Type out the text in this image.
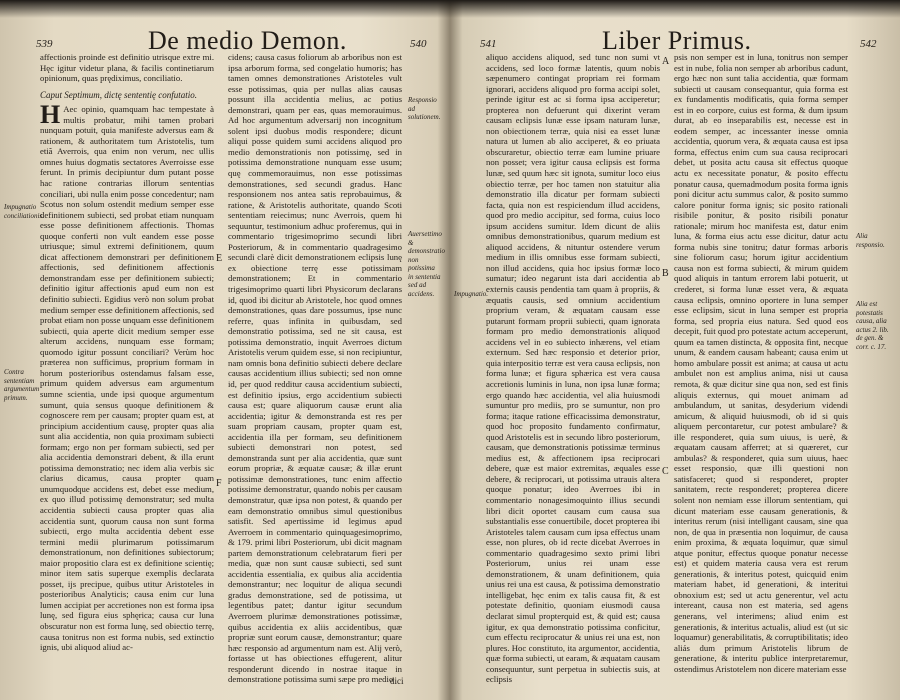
539	De medio Demon.	540

affectionis proinde est definitio utrisque extre mi. Hęc igitur videtur plana, & facilis continetiarum opinionum, quas prędiximus, conciliatio.

Caput Septimum, dictę sententię confutatio.

H Aec opinio, quamquam hac tempestate à multis probatur, mihi tamen probari nunquam potuit, quia manifeste adversus eam & rationem, & authoritatem tum Aristotelis, tum etiã Averrois, qua enim non verum, nec ullis omnes huius dogmatis sectatores Averroisse esse ferunt. In primis decipiuntur dum putant posse hac ratione contrarias illorum sententias conciliari, ubi nulla enim posse concedentur; nam Scotus non solum ostendit medium semper esse definitionem subiecti, sed probat etiam nunquam esse posse definitionem affectionis. Thomas quoque conferti non vult eandem esse posse utriusque; simul extremi definitionem, quum dicat affectionem demonstrari per definitionem affectionis, sed definitionem affectionis demonstrandam esse per definitionem subiecti; definitio igitur affectionis apud eum non est definitio subiecti. Egidius verò non solum probat medium semper esse definitionem affectionis, sed probat etiam non posse unquam esse definitionem subiecti, quia aperte dicit medium semper esse alterum accidens, nunquam esse formam; quomodo igitur possunt conciliari? Verùm hoc præterea non sufficimus, proprium formam in horum posterioribus ostendamus falsam esse, primum quidem adversus eam argumentum sumne scientia, unde ipsi quoque argumentum sumunt, quia sensus quoque definitionem & cognoscere rem per causam; propter quam est, at principium accidentium causę, propter quas alia sunt alia accidentia, non quia proximam subiecti formam; ergo non per formam subiecti, sed per alia accidentia demonstrari debent, & illa erunt potissima demonstratio; nec idem alia verbis sic clarius dicamus, causa propter quam unumquodque accidens est, debet esse medium, ex quo illud potissimę demonstratur; sed multa accidentia subiecti causa propter quas alia accidentia sunt, quorum causa non sunt forma subiecti, ergo multa accidentia debent esse termini medii plurimarum potissimarum demonstrationum, non definitiones subiectorum; maior propositio clara est ex definitione scientię; minor item satis superque exemplis declarata posset, ijs precipue, quibus utitur Aristoteles in posterioribus Analyticis; causa enim cur luna lumen accipiat per accretiones non est forma ipsa lunę, sed figura eius sphęrica; causa cur luna obscuratur non est forma lunę, sed obiectio terrę, causa tonitrus non est forma nubis, sed extinctio ignis, ubi aliquod aliud ac-

Impugnatio conciliationis.
Contra sententiam argumentum primum.

cidens; causa casus foliorum ab arboribus non est ipsa arborum forma, sed congelatio humoris; has tamen omnes demonstrationes Aristoteles vult esse potissimas, quia per nullas alias causas possunt illa accidentia melius, ac potius demonstrari, quam per eas, quas memorauimus. Ad hoc argumentum adversarij non incognitum solent ipsi duobus modis respondere; dicunt aliqui posse quidem sumi accidens aliquod pro medio demonstrationis non potissimę, sed in potissima demonstratione nunquam esse usum; quę commemorauimus, non esse potissimas demonstrationes, sed secundi gradus. Hanc responsionem nos antea satis reprobauimus, & ratione, & Aristotelis authoritate, quando Scoti sententiam reiecimus; nunc Averrois, quem hi sequuntur, testimonium adhuc proferemus, qui in commentario trigesimoprimo secundi libri Posteriorum, & in commentario quadragesimo secundi clarè dicit demonstrationem eclipsis lunę ex obiectione terrę esse potissimam demonstrationem; Et in commentario trigesimoprimo quarti libri Physicorum declarans id, quod ibi dicitur ab Aristotele, hoc quod omnes demonstrationes, quas dare possumus, ipse nunc referre, quas infinita in quibusdam, sed demonstratio potissima, sed ne sit causa, est potissima demonstratio, inquit Averroes dictum Aristotelis verum quidem esse, si non recipiuntur, nam omnis bona definitio subiecti debere declare causas accidentium illius subiecti; sed non omne id, per quod redditur causa accidentium subiecti, est definitio ipsius, ergo accidentium subiecti causa est; quare aliquorum causæ erunt alia accidentia; igitur & demonstranda est res per suam propriam causam, propter quam est, accidentia illa per formam, seu definitionem subiecti demonstrari non potest, sed demonstranda sunt per alia accidentia, quæ sunt eorum propriæ, & æquatæ causæ; & illæ erunt potissimæ demonstrationes, tunc enim affectio potissime demonstratur, quando nobis per causam demonstratur, quæ ipsa non potest, & quando per eam demonstratio omnibus simul questionibus satisfit. Sed apertissime id legimus apud Averroem in commentario quinquagesimoprimo, & 179. primi libri Posteriorum, ubi dicit magnam partem demonstrationum celebratarum fieri per media, quæ non sunt causæ subiecti, sed sunt accidentia essentialia, ex quibus alia accidentia demonstrantur; nec loquitur de aliqua secundi gradus demonstratione, sed de potissima, ut legentibus patet; dantur igitur secundum Averroem plurimæ demonstrationes potissimæ, quibus accidentia ex aliis accidentibus, quæ propriæ sunt eorum causæ, demonstrantur; quare hæc responsio ad argumentum nam est. Alij verò, fortasse ut has obiectiones effugerent, alitur responderunt dicendo in nostrae itaque in demonstratione potissima sumi sæpe pro medio

E
F
Responsio ad solutionem.
Auersettimo & demonstratio non potissima in sententia sed ad accidens.
dici
541	Liber Primus.	542
Impugnatio.

aliquo accidens aliquod, sed tunc non sumi vt accidens, sed loco formæ latentis, quum nobis sæpenumero contingat propriam rei formam ignorari, accidens aliquod pro forma accipi solet, perinde igitur est ac si forma ipsa acciperetur; propterea non defuerunt qui dixerint veram causam eclipsis lunæ esse ipsam naturam lunæ, non obiectionem terræ, quia nisi ea esset lunæ natura ut lumen ab alio acciperet, & eo priuata obscuraretur, obiectio terræ eam lumine priuare non posset; vera igitur causa eclipsis est forma lunæ, sed quum hæc sit ignota, sumitur loco eius obiectio terræ, per hoc tamen non statuitur alia demonstratio illa dicatur per formam subiecti facta, quia non est respiciendum illud accidens, quod pro medio accipitur, sed forma, cuius loco ipsum accidens sumitur. Idem dicunt de aliis omnibus demonstrationibus, quarum medium est aliquod accidens, & nituntur ostendere verum medium in illis omnibus esse formam subiecti, non illud accidens, quia hoc ipsius formæ loco sumatur; ideo negarunt ista dari accidentia ab externis causis pendentia tam quam à propriis, & æquatis causis, sed omnium accidentium proprium veram, & æquatam causam esse putarunt formam proprii subiecti, quam ignorata formam pro medio demonstrationis aliquod accidens vel in eo subiecto inhærens, vel etiam externum. Sed hæc responsio et deterior prior, quia interpositio terræ est vera causa eclipsis, non forma lunæ; et figura sphærica est vera causa accretionis luminis in luna, non ipsa lunæ forma; ergo quando hæc accidentia, vel alia huiusmodi sumuntur pro mediis, pro se sumuntur, non pro forma; itaque ratione efficacissima demonstratur, quod hoc proposito fundamento confirmatur, quod Aristotelis est in secundo libro posteriorum, causam, que demonstrationis potissimæ terminus medius est, & affectionem ipsa reciprocari debere, quæ est maior extremitas, æquales esse debere, & reciprocari, ut potissima utrauis altera quoque ponatur; ideo Averroes ibi in commentario nonagesimoquinto illius secundi libri dicit oportet causam cum causa sua substantialis esse conuertibile, docet propterea ibi Aristoteles talem causam cum ipsa effectus unam esse, non plures, ob id recte dicebat Averroes in commentario quadragesimo sexto primi libri Posteriorum, unius rei unam esse demonstrationem, & unam definitionem, quia unius rei una est causa, & potissima demonstratio intelligebat, hęc enim ex talis causa fit, & est potestate definitio, quoniam eiusmodi causa declarat simul propterquid est, & quid est; causa igitur, ex qua demonstratio potissima conficitur, cum effectu reciprocatur & unius rei una est, non plures. Hoc constituto, ita argumentor, accidentia, quæ forma subiecti, ut earam, & æquatam causam consequuntur, sunt perpetua in subiectis suis, at eclipsis

A
B
C

psis non semper est in luna, tonitrus non semper est in nube, folia non semper ab arboribus cadunt, ergo hæc non sunt talia accidentia, quæ formam subiecti ut causam consequantur, quia forma est ex fundamentis modificatis, quia forma semper est in eo corpore, cuius est forma, & dum ipsum durat, ab eo inseparabilis est, necesse est in eodem semper, ac incessanter inesse omnia accidentia, quorum vera, & æquata causa est ipsa forma, effectus enim cum sua causa reciprocari debet, ut posita actu causa sit effectus quoque actu ex necessitate ponatur, & posito effectu ponatur causa, quemadmodum posita forma ignis poni dicitur actu summus calor, & posito summo calore ponitur forma ignis; sic posito rationali risibile ponitur, & posito risibili ponatur rationale; mirum hoc manifesta est, datur enim luna, & forma eius actu esse dicitur, datur actu forma nubis sine tonitru; datur formas arboris sine foliorum casu; horum igitur accidentium causa non est forma subiecti, & mirum quidem quod aliquis in tantum errorem labi potuerit, ut crederet, si forma lunæ esset vera, & æquata causa eclipsis, omnino oportere in luna semper esse eclipsim, sicut in luna semper est propria forma, sed propria eius natura. Sed quod eos decepit, fuit quod pro potestate actum acceperunt, quum ea tamen distincta, & opposita fint, necque unum, & eandem causam habeant; causa enim ut homo ambulare possit est anima; at causa ut actu ambulet non est amplius anima, nisi ut causa remota, & quæ dicitur sine qua non, sed est finis aliquis externus, qui mouet animam ad ambulandum, ut sanitas, desyderium videndi amicum, & aliquid huiusmodi, ob id si quis aliquem percontaretur, cur potest ambulare? & ille responderet, quia sum uiuus, is uerè, & æquatam causam afferret; at si quæreret, cur ambulas? & responderet, quia sum uiuus, haec esset responsio, quæ illi questioni non satisfaceret; quod si responderet, propter sanitatem, recte responderet; propterea dicere solent non nemiam esse illorum sententiam, qui dicunt materiam esse causam generationis, & interitus rerum (nisi intelligant causam, sine qua non, de qua in præsentia non loquimur, de causa enim proxima, & æquata loquimur, quæ simul atque ponitur, effectus quoque ponatur necesse est) et quidem materia causa vera est rerum generationis, & interitus potest, quicquid enim materiam habet, id generationi, & interitui obnoxium est; sed ut actu generentur, vel actu intereant, causa non est materia, sed agens generans, vel interimens; aliud enim est generationis, & interitus actualis, aliud est (ut sic loquamur) generabilitatis, & corruptibilitatis; ideo aliás dum primum Aristotelis librum de generatione, & interitu publice interpretaremur, ostendimus Aristotelem non dicere materiam esse

Alia responsio.
Alia est potestatis causa, alia actus 2. lib. de gen. & corr. c. 17.
